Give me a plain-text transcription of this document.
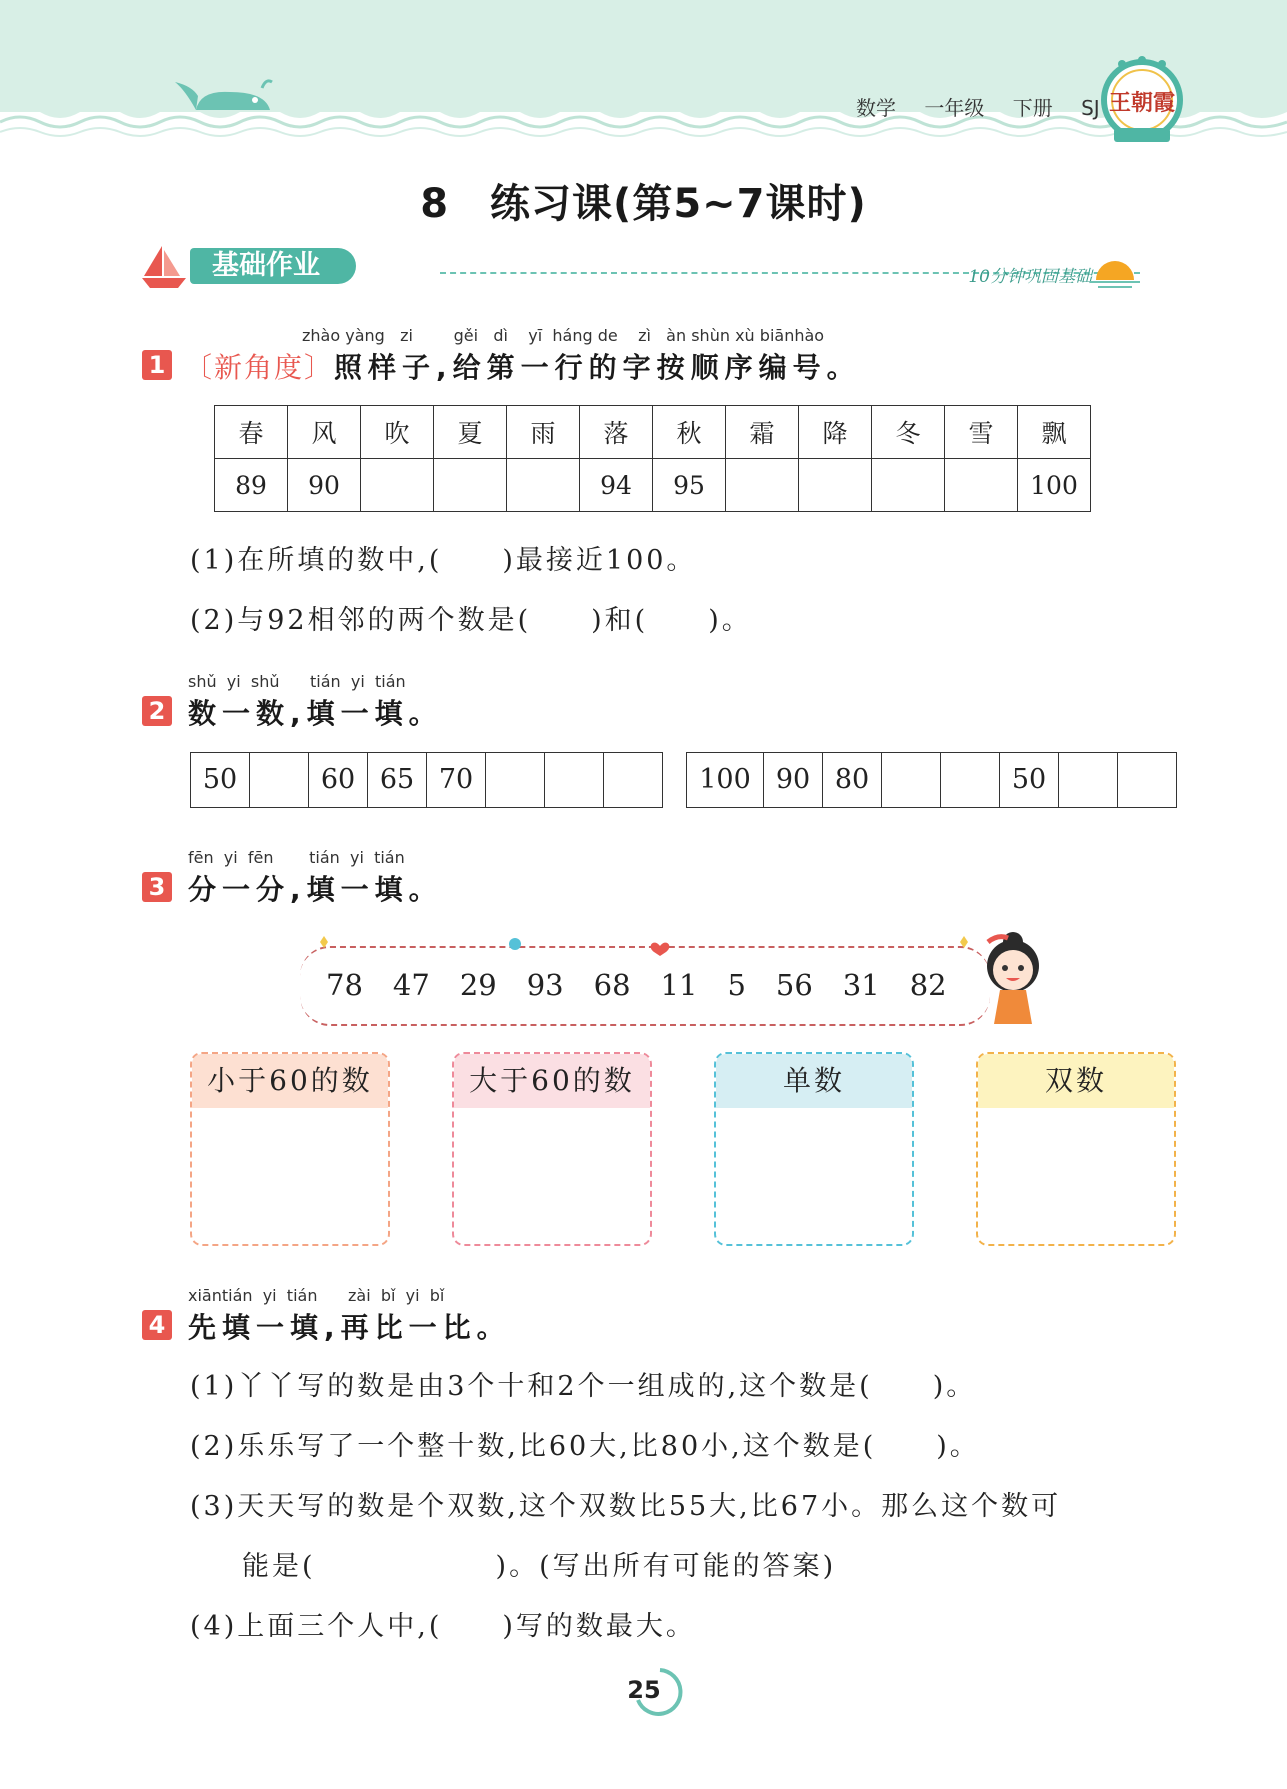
数学 一年级 下册 SJ 王朝霞
8　练习课(第5~7课时)
基础作业	10分钟巩固基础
zhào yàng zi	gěi dì yī háng de zì àn shùn xù biānhào
1 〔新角度〕照样子,给第一行的字按顺序编号。
春	风	吹	夏	雨	落	秋	霜	降	冬	雪	飘
89	90				94	95					100
(1)在所填的数中,(　　)最接近100。
(2)与92相邻的两个数是(　　)和(　　)。
shǔ yi shǔ tián yi tián
2 数一数,填一填。
50	60 65 70	100 90 80	50
fēn yi fēn tián yi tián
3 分一分,填一填。
78 47 29 93 68 11 5 56 31 82
小于60的数	大于60的数	单数	双数
xiāntián yi tián zài bǐ yi bǐ
4 先填一填,再比一比。
(1)丫丫写的数是由3个十和2个一组成的,这个数是(　　)。
(2)乐乐写了一个整十数,比60大,比80小,这个数是(　　)。
(3)天天写的数是个双数,这个双数比55大,比67小。那么这个数可
能是(　　　　　　)。(写出所有可能的答案)
(4)上面三个人中,(　　)写的数最大。
25
